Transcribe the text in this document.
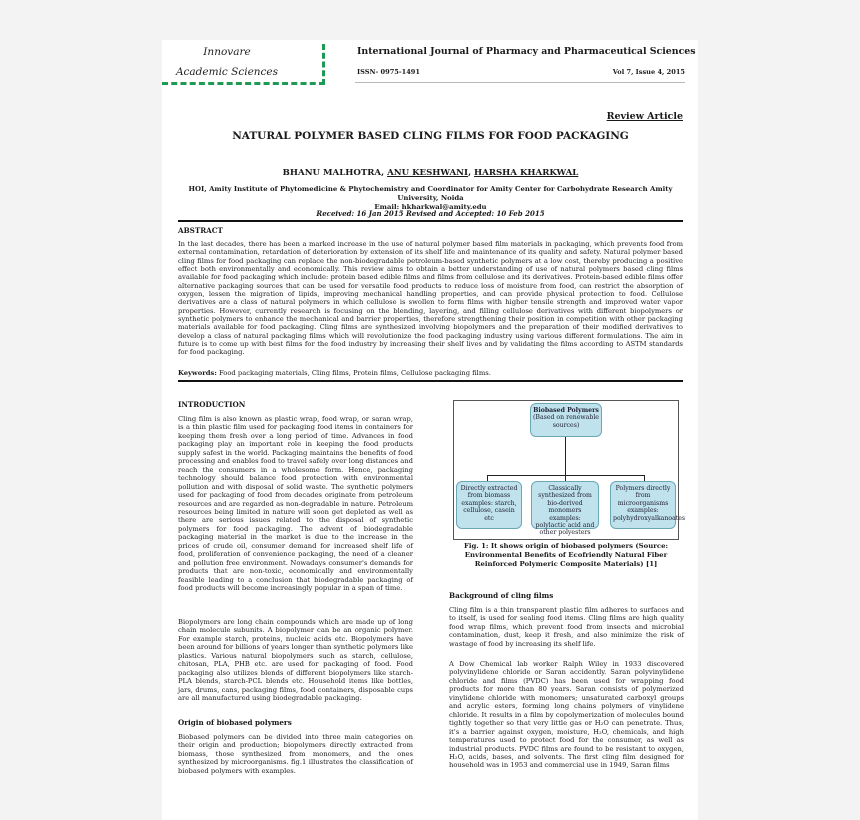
Innovare
Academic Sciences
International Journal of Pharmacy and Pharmaceutical Sciences
ISSN- 0975-1491	Vol 7, Issue 4, 2015
Review Article
NATURAL POLYMER BASED CLING FILMS FOR FOOD PACKAGING
BHANU MALHOTRA, ANU KESHWANI, HARSHA KHARKWAL
HOI, Amity Institute of Phytomedicine & Phytochemistry and Coordinator for Amity Center for Carbohydrate Research Amity University, Noida
Email: hkharkwal@amity.edu
Received: 16 Jan 2015 Revised and Accepted: 10 Feb 2015
ABSTRACT
In the last decades, there has been a marked increase in the use of natural polymer based film materials in packaging, which prevents food from external contamination, retardation of deterioration by extension of its shelf life and maintenance of its quality and safety. Natural polymer based cling films for food packaging can replace the non-biodegradable petroleum-based synthetic polymers at a low cost, thereby producing a positive effect both environmentally and economically. This review aims to obtain a better understanding of use of natural polymers based cling films available for food packaging which include: protein based edible films and films from cellulose and its derivatives. Protein-based edible films offer alternative packaging sources that can be used for versatile food products to reduce loss of moisture from food, can restrict the absorption of oxygen, lessen the migration of lipids, improving mechanical handling properties, and can provide physical protection to food. Cellulose derivatives are a class of natural polymers in which cellulose is swollen to form films with higher tensile strength and improved water vapor properties. However, currently research is focusing on the blending, layering, and filling cellulose derivatives with different biopolymers or synthetic polymers to enhance the mechanical and barrier properties, therefore strengthening their position in competition with other packaging materials available for food packaging. Cling films are synthesized involving biopolymers and the preparation of their modified derivatives to develop a class of natural packaging films which will revolutionize the food packaging industry using various different formulations. The aim in future is to come up with best films for the food industry by increasing their shelf lives and by validating the films according to ASTM standards for food packaging.
Keywords: Food packaging materials, Cling films, Protein films, Cellulose packaging films.
INTRODUCTION
Cling film is also known as plastic wrap, food wrap, or saran wrap, is a thin plastic film used for packaging food items in containers for keeping them fresh over a long period of time. Advances in food packaging play an important role in keeping the food products supply safest in the world. Packaging maintains the benefits of food processing and enables food to travel safely over long distances and reach the consumers in a wholesome form. Hence, packaging technology should balance food protection with environmental pollution and with disposal of solid waste. The synthetic polymers used for packaging of food from decades originate from petroleum resources and are regarded as non-degradable in nature. Petroleum resources being limited in nature will soon get depleted as well as there are serious issues related to the disposal of synthetic polymers for food packaging. The advent of biodegradable packaging material in the market is due to the increase in the prices of crude oil, consumer demand for increased shelf life of food, proliferation of convenience packaging, the need of a cleaner and pollution free environment. Nowadays consumer's demands for products that are non-toxic, economically and environmentally feasible leading to a conclusion that biodegradable packaging of food products will become increasingly popular in a span of time.
Biopolymers are long chain compounds which are made up of long chain molecule subunits. A biopolymer can be an organic polymer. For example starch, proteins, nucleic acids etc. Biopolymers have been around for billions of years longer than synthetic polymers like plastics. Various natural biopolymers such as starch, cellulose, chitosan, PLA, PHB etc. are used for packaging of food. Food packaging also utilizes blends of different biopolymers like starch-PLA blends, starch-PCL blends etc. Household items like bottles, jars, drums, cans, packaging films, food containers, disposable cups are all manufactured using biodegradable packaging.
Origin of biobased polymers
Biobased polymers can be divided into three main categories on their origin and production; biopolymers directly extracted from biomass, those synthesized from monomers, and the ones synthesized by microorganisms. fig.1 illustrates the classification of biobased polymers with examples.
Biobased Polymers
(Based on renewable sources)
Directly extracted from biomass examples: starch, cellulose, casein etc
Classically synthesized from bio-derived monomers examples: polylactic acid and other polyesters
Polymers directly from microorganisms examples: polyhydroxyalkanoates
Fig. 1: It shows origin of biobased polymers (Source: Environmental Benefits of Ecofriendly Natural Fiber Reinforced Polymeric Composite Materials) [1]
Background of cling films
Cling film is a thin transparent plastic film adheres to surfaces and to itself, is used for sealing food items. Cling films are high quality food wrap films, which prevent food from insects and microbial contamination, dust, keep it fresh, and also minimize the risk of wastage of food by increasing its shelf life.
A Dow Chemical lab worker Ralph Wiley in 1933 discovered polyvinylidene chloride or Saran accidently. Saran polyvinylidene chloride and films (PVDC) has been used for wrapping food products for more than 80 years. Saran consists of polymerized vinylidene chloride with monomers; unsaturated carboxyl groups and acrylic esters, forming long chains polymers of vinylidene chloride. It results in a film by copolymerization of molecules bound tightly together so that very little gas or H₂O can penetrate. Thus, it's a barrier against oxygen, moisture, H₂O, chemicals, and high temperatures used to protect food for the consumer, as well as industrial products. PVDC films are found to be resistant to oxygen, H₂O, acids, bases, and solvents. The first cling film designed for household was in 1953 and commercial use in 1949, Saran films
